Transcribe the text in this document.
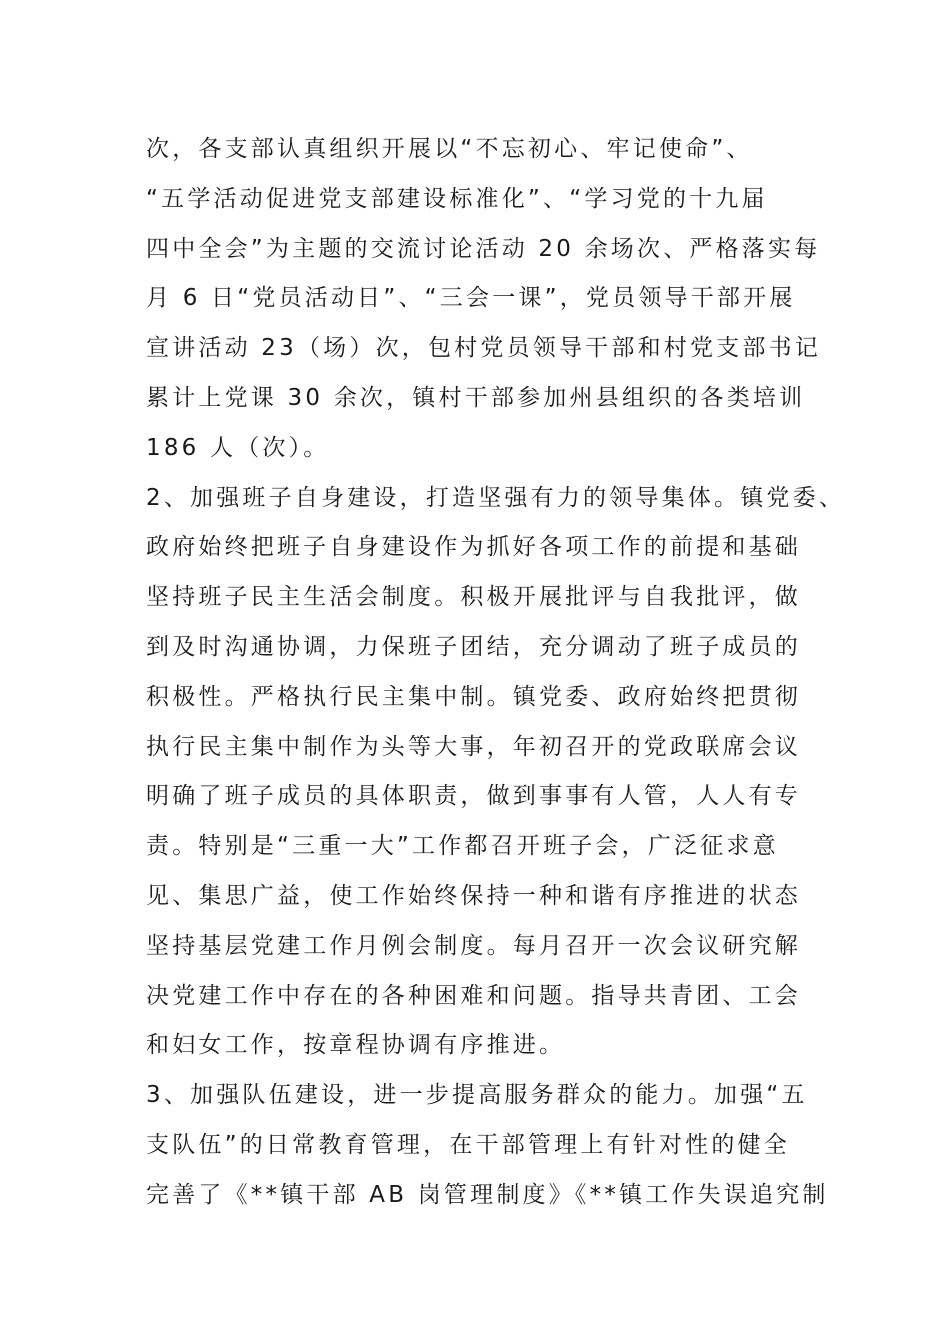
次，各支部认真组织开展以“不忘初心、牢记使命”、
“五学活动促进党支部建设标准化”、“学习党的十九届
四中全会”为主题的交流讨论活动 20 余场次、严格落实每
月 6 日“党员活动日”、“三会一课”，党员领导干部开展
宣讲活动 23（场）次，包村党员领导干部和村党支部书记
累计上党课 30 余次，镇村干部参加州县组织的各类培训
186 人（次）。
2、加强班子自身建设，打造坚强有力的领导集体。镇党委、
政府始终把班子自身建设作为抓好各项工作的前提和基础
坚持班子民主生活会制度。积极开展批评与自我批评，做
到及时沟通协调，力保班子团结，充分调动了班子成员的
积极性。严格执行民主集中制。镇党委、政府始终把贯彻
执行民主集中制作为头等大事，年初召开的党政联席会议
明确了班子成员的具体职责，做到事事有人管，人人有专
责。特别是“三重一大”工作都召开班子会，广泛征求意
见、集思广益，使工作始终保持一种和谐有序推进的状态
坚持基层党建工作月例会制度。每月召开一次会议研究解
决党建工作中存在的各种困难和问题。指导共青团、工会
和妇女工作，按章程协调有序推进。
3、加强队伍建设，进一步提高服务群众的能力。加强“五
支队伍”的日常教育管理，在干部管理上有针对性的健全
完善了《**镇干部 AB 岗管理制度》《**镇工作失误追究制
